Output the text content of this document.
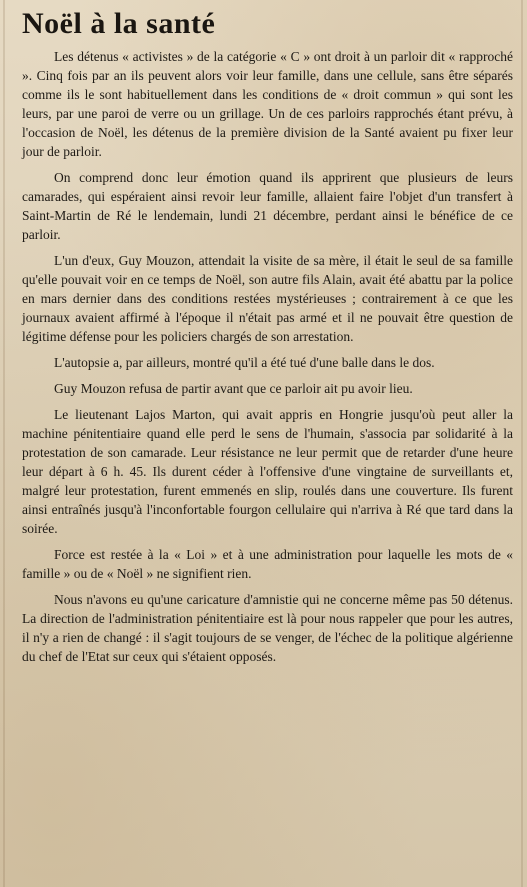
Noël à la santé

Les détenus « activistes » de la catégorie « C » ont droit à un parloir dit « rapproché ». Cinq fois par an ils peuvent alors voir leur famille, dans une cellule, sans être séparés comme ils le sont habituellement dans les conditions de « droit commun » qui sont les leurs, par une paroi de verre ou un grillage. Un de ces parloirs rapprochés étant prévu, à l'occasion de Noël, les détenus de la première division de la Santé avaient pu fixer leur jour de parloir.

On comprend donc leur émotion quand ils apprirent que plusieurs de leurs camarades, qui espéraient ainsi revoir leur famille, allaient faire l'objet d'un transfert à Saint-Martin de Ré le lendemain, lundi 21 décembre, perdant ainsi le bénéfice de ce parloir.

L'un d'eux, Guy Mouzon, attendait la visite de sa mère, il était le seul de sa famille qu'elle pouvait voir en ce temps de Noël, son autre fils Alain, avait été abattu par la police en mars dernier dans des conditions restées mystérieuses ; contrairement à ce que les journaux avaient affirmé à l'époque il n'était pas armé et il ne pouvait être question de légitime défense pour les policiers chargés de son arrestation.

L'autopsie a, par ailleurs, montré qu'il a été tué d'une balle dans le dos.

Guy Mouzon refusa de partir avant que ce parloir ait pu avoir lieu.

Le lieutenant Lajos Marton, qui avait appris en Hongrie jusqu'où peut aller la machine pénitentiaire quand elle perd le sens de l'humain, s'associa par solidarité à la protestation de son camarade. Leur résistance ne leur permit que de retarder d'une heure leur départ à 6 h. 45. Ils durent céder à l'offensive d'une vingtaine de surveillants et, malgré leur protestation, furent emmenés en slip, roulés dans une couverture. Ils furent ainsi entraînés jusqu'à l'inconfortable fourgon cellulaire qui n'arriva à Ré que tard dans la soirée.

Force est restée à la « Loi » et à une administration pour laquelle les mots de « famille » ou de « Noël » ne signifient rien.

Nous n'avons eu qu'une caricature d'amnistie qui ne concerne même pas 50 détenus. La direction de l'administration pénitentiaire est là pour nous rappeler que pour les autres, il n'y a rien de changé : il s'agit toujours de se venger, de l'échec de la politique algérienne du chef de l'Etat sur ceux qui s'étaient opposés.
